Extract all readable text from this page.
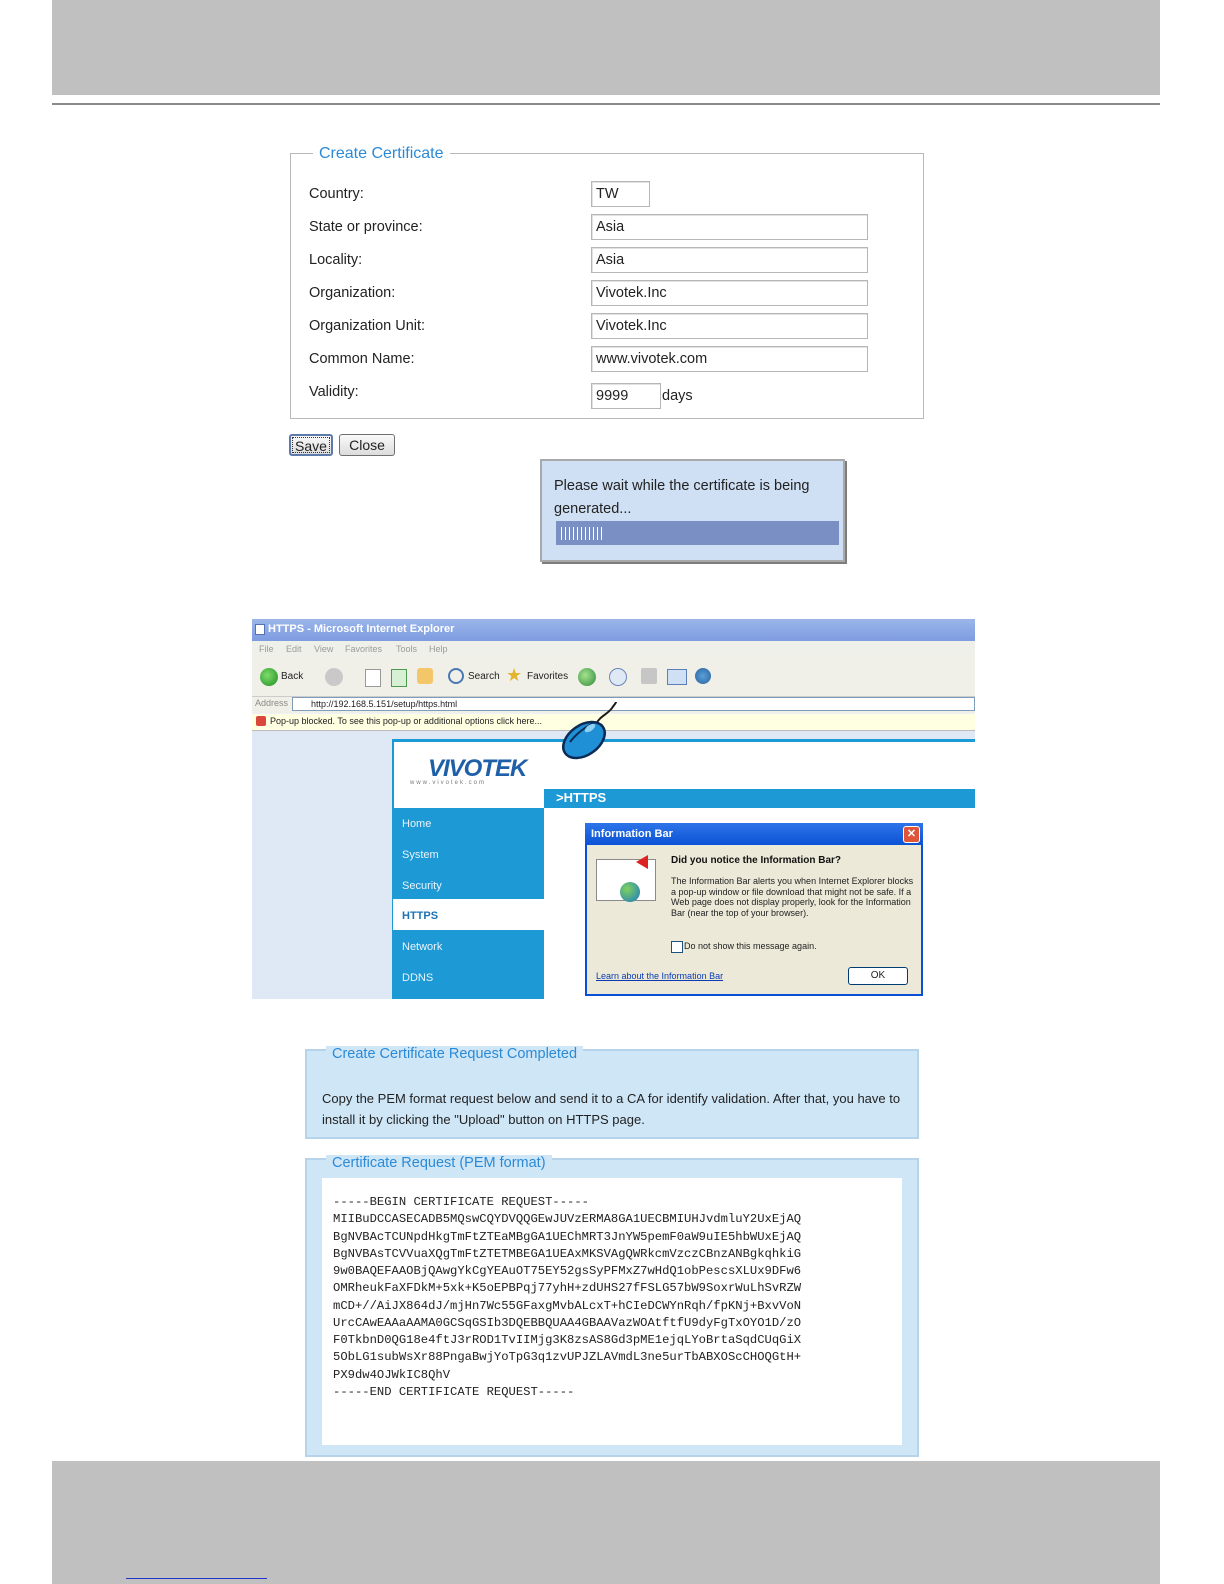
Create Certificate
Country:	TW
State or province:	Asia
Locality:	Asia
Organization:	Vivotek.Inc
Organization Unit:	Vivotek.Inc
Common Name:	www.vivotek.com
Validity:	9999	days
Save	Close
Please wait while the certificate is being generated...
HTTPS - Microsoft Internet Explorer
File Edit View Favorites Tools Help
Back	Search ★ Favorites
Address	http://192.168.5.151/setup/https.html
Pop-up blocked. To see this pop-up or additional options click here...
VIVOTEK
www.vivotek.com
>HTTPS
Home
System
Security
HTTPS
Network
DDNS
Information Bar	✕
Did you notice the Information Bar?
The Information Bar alerts you when Internet Explorer blocks a pop-up window or file download that might not be safe. If a Web page does not display properly, look for the Information Bar (near the top of your browser).
Do not show this message again.
Learn about the Information Bar	OK
Create Certificate Request Completed
Copy the PEM format request below and send it to a CA for identify validation. After that, you have to install it by clicking the "Upload" button on HTTPS page.
Certificate Request (PEM format)
-----BEGIN CERTIFICATE REQUEST-----
MIIBuDCCASECADB5MQswCQYDVQQGEwJUVzERMA8GA1UECBMIUHJvdmluY2UxEjAQ
BgNVBAcTCUNpdHkgTmFtZTEaMBgGA1UEChMRT3JnYW5pemF0aW9uIE5hbWUxEjAQ
BgNVBAsTCVVuaXQgTmFtZTETMBEGA1UEAxMKSVAgQWRkcmVzczCBnzANBgkqhkiG
9w0BAQEFAAOBjQAwgYkCgYEAuOT75EY52gsSyPFMxZ7wHdQ1obPescsXLUx9DFw6
OMRheukFaXFDkM+5xk+K5oEPBPqj77yhH+zdUHS27fFSLG57bW9SoxrWuLhSvRZW
mCD+//AiJX864dJ/mjHn7Wc55GFaxgMvbALcxT+hCIeDCWYnRqh/fpKNj+BxvVoN
UrcCAwEAAaAAMA0GCSqGSIb3DQEBBQUAA4GBAAVazWOAtftfU9dyFgTxOYO1D/zO
F0TkbnD0QG18e4ftJ3rROD1TvIIMjg3K8zsAS8Gd3pME1ejqLYoBrtaSqdCUqGiX
5ObLG1subWsXr88PngaBwjYoTpG3q1zvUPJZLAVmdL3ne5urTbABXOScCHOQGtH+
PX9dw4OJWkIC8QhV
-----END CERTIFICATE REQUEST-----
